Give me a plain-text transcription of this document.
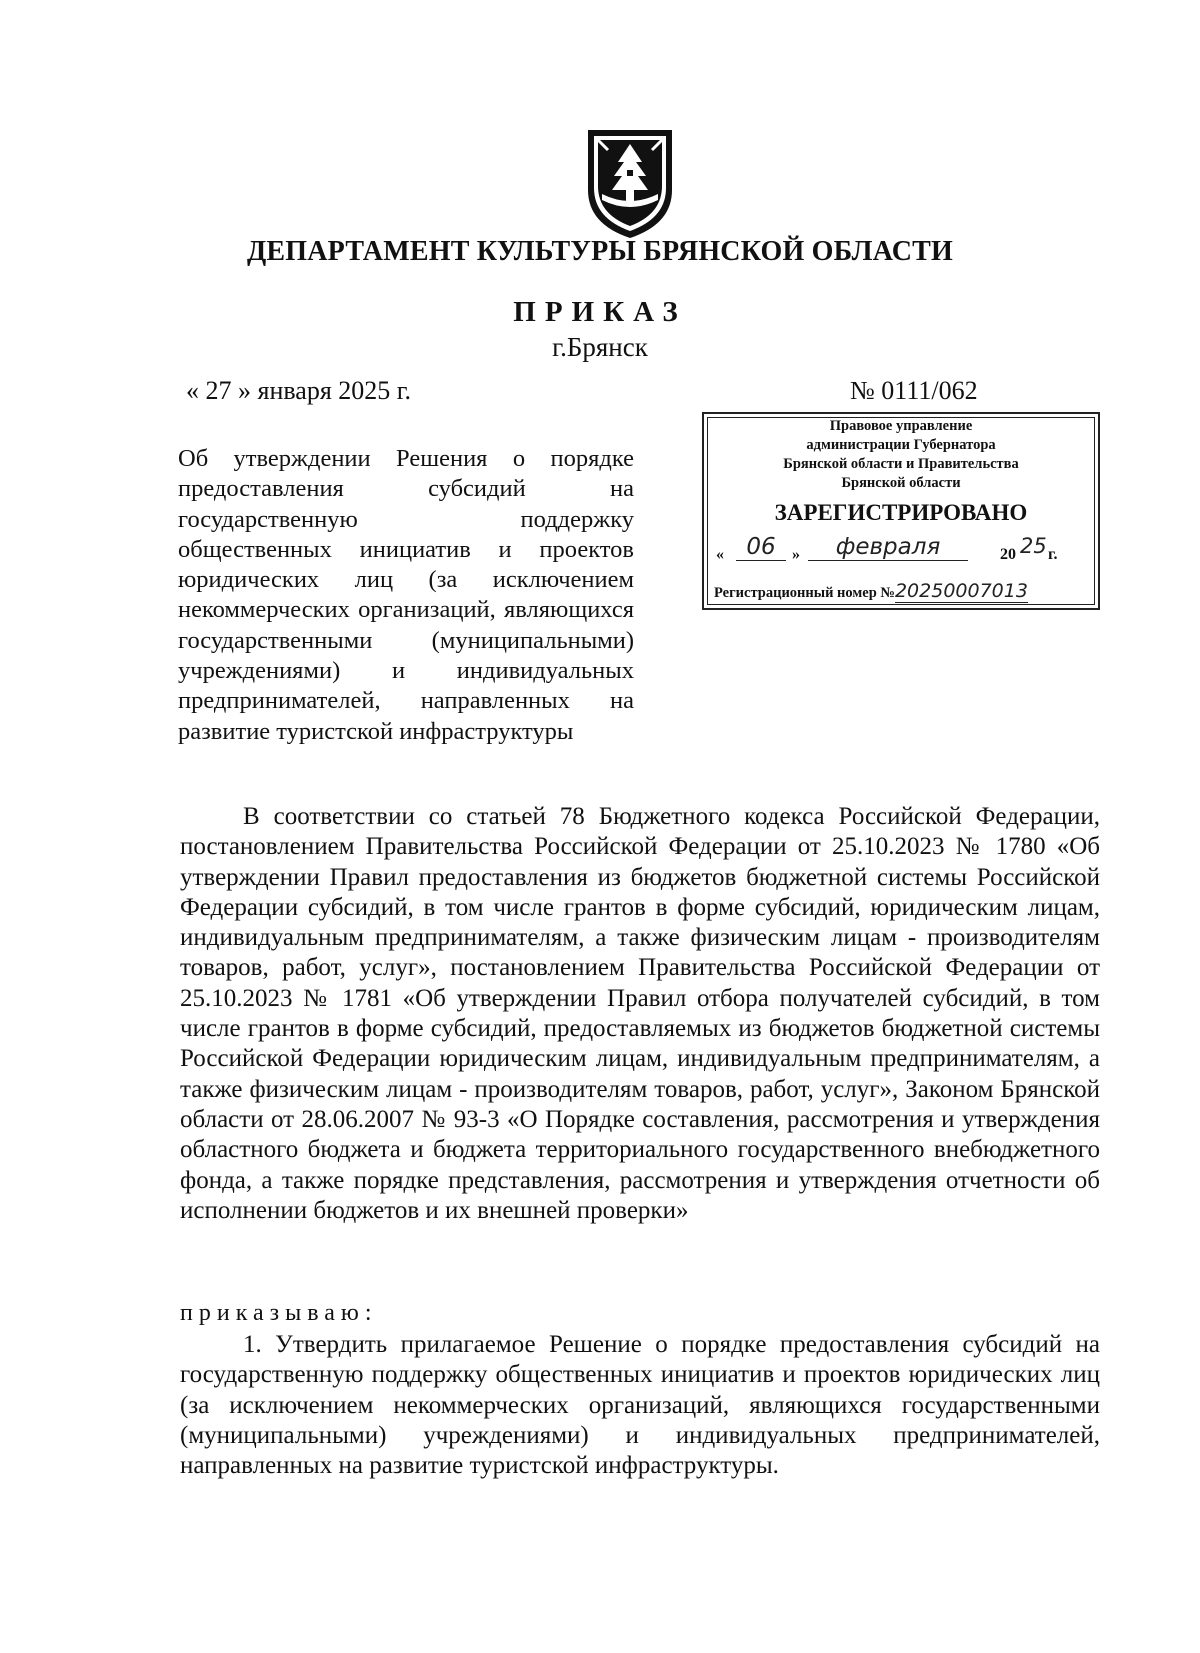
ДЕПАРТАМЕНТ КУЛЬТУРЫ БРЯНСКОЙ ОБЛАСТИ
ПРИКАЗ
г.Брянск
« 27 » января 2025 г.	№ 0111/062
Правовое управление
администрации Губернатора
Брянской области и Правительства
Брянской области
ЗАРЕГИСТРИРОВАНО
« 06	»	февраля	20 25 г.
Регистрационный номер №20250007013
Об утверждении Решения о порядке предоставления субсидий на государственную поддержку общественных инициатив и проектов юридических лиц (за исключением некоммерческих организаций, являющихся государственными (муниципальными) учреждениями) и индивидуальных предпринимателей, направленных на развитие туристской инфраструктуры

В соответствии со статьей 78 Бюджетного кодекса Российской Федерации, постановлением Правительства Российской Федерации от 25.10.2023 № 1780 «Об утверждении Правил предоставления из бюджетов бюджетной системы Российской Федерации субсидий, в том числе грантов в форме субсидий, юридическим лицам, индивидуальным предпринимателям, а также физическим лицам - производителям товаров, работ, услуг», постановлением Правительства Российской Федерации от 25.10.2023 № 1781 «Об утверждении Правил отбора получателей субсидий, в том числе грантов в форме субсидий, предоставляемых из бюджетов бюджетной системы Российской Федерации юридическим лицам, индивидуальным предпринимателям, а также физическим лицам - производителям товаров, работ, услуг», Законом Брянской области от 28.06.2007 № 93-3 «О Порядке составления, рассмотрения и утверждения областного бюджета и бюджета территориального государственного внебюджетного фонда, а также порядке представления, рассмотрения и утверждения отчетности об исполнении бюджетов и их внешней проверки»

приказываю:

1. Утвердить прилагаемое Решение о порядке предоставления субсидий на государственную поддержку общественных инициатив и проектов юридических лиц (за исключением некоммерческих организаций, являющихся государственными (муниципальными) учреждениями) и индивидуальных предпринимателей, направленных на развитие туристской инфраструктуры.
